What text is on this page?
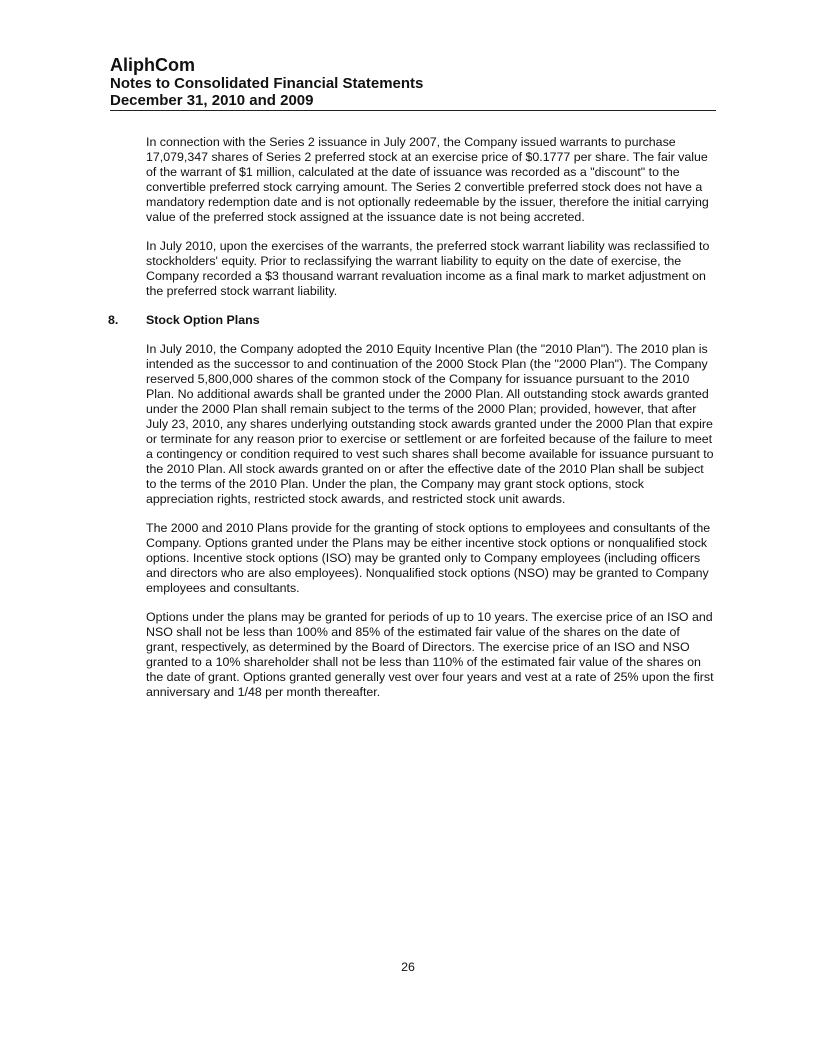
AliphCom
Notes to Consolidated Financial Statements
December 31, 2010 and 2009

In connection with the Series 2 issuance in July 2007, the Company issued warrants to purchase 17,079,347 shares of Series 2 preferred stock at an exercise price of $0.1777 per share. The fair value of the warrant of $1 million, calculated at the date of issuance was recorded as a "discount" to the convertible preferred stock carrying amount. The Series 2 convertible preferred stock does not have a mandatory redemption date and is not optionally redeemable by the issuer, therefore the initial carrying value of the preferred stock assigned at the issuance date is not being accreted.

In July 2010, upon the exercises of the warrants, the preferred stock warrant liability was reclassified to stockholders' equity. Prior to reclassifying the warrant liability to equity on the date of exercise, the Company recorded a $3 thousand warrant revaluation income as a final mark to market adjustment on the preferred stock warrant liability.

8. Stock Option Plans

In July 2010, the Company adopted the 2010 Equity Incentive Plan (the "2010 Plan"). The 2010 plan is intended as the successor to and continuation of the 2000 Stock Plan (the "2000 Plan"). The Company reserved 5,800,000 shares of the common stock of the Company for issuance pursuant to the 2010 Plan. No additional awards shall be granted under the 2000 Plan. All outstanding stock awards granted under the 2000 Plan shall remain subject to the terms of the 2000 Plan; provided, however, that after July 23, 2010, any shares underlying outstanding stock awards granted under the 2000 Plan that expire or terminate for any reason prior to exercise or settlement or are forfeited because of the failure to meet a contingency or condition required to vest such shares shall become available for issuance pursuant to the 2010 Plan. All stock awards granted on or after the effective date of the 2010 Plan shall be subject to the terms of the 2010 Plan. Under the plan, the Company may grant stock options, stock appreciation rights, restricted stock awards, and restricted stock unit awards.

The 2000 and 2010 Plans provide for the granting of stock options to employees and consultants of the Company. Options granted under the Plans may be either incentive stock options or nonqualified stock options. Incentive stock options (ISO) may be granted only to Company employees (including officers and directors who are also employees). Nonqualified stock options (NSO) may be granted to Company employees and consultants.

Options under the plans may be granted for periods of up to 10 years. The exercise price of an ISO and NSO shall not be less than 100% and 85% of the estimated fair value of the shares on the date of grant, respectively, as determined by the Board of Directors. The exercise price of an ISO and NSO granted to a 10% shareholder shall not be less than 110% of the estimated fair value of the shares on the date of grant. Options granted generally vest over four years and vest at a rate of 25% upon the first anniversary and 1/48 per month thereafter.

26
